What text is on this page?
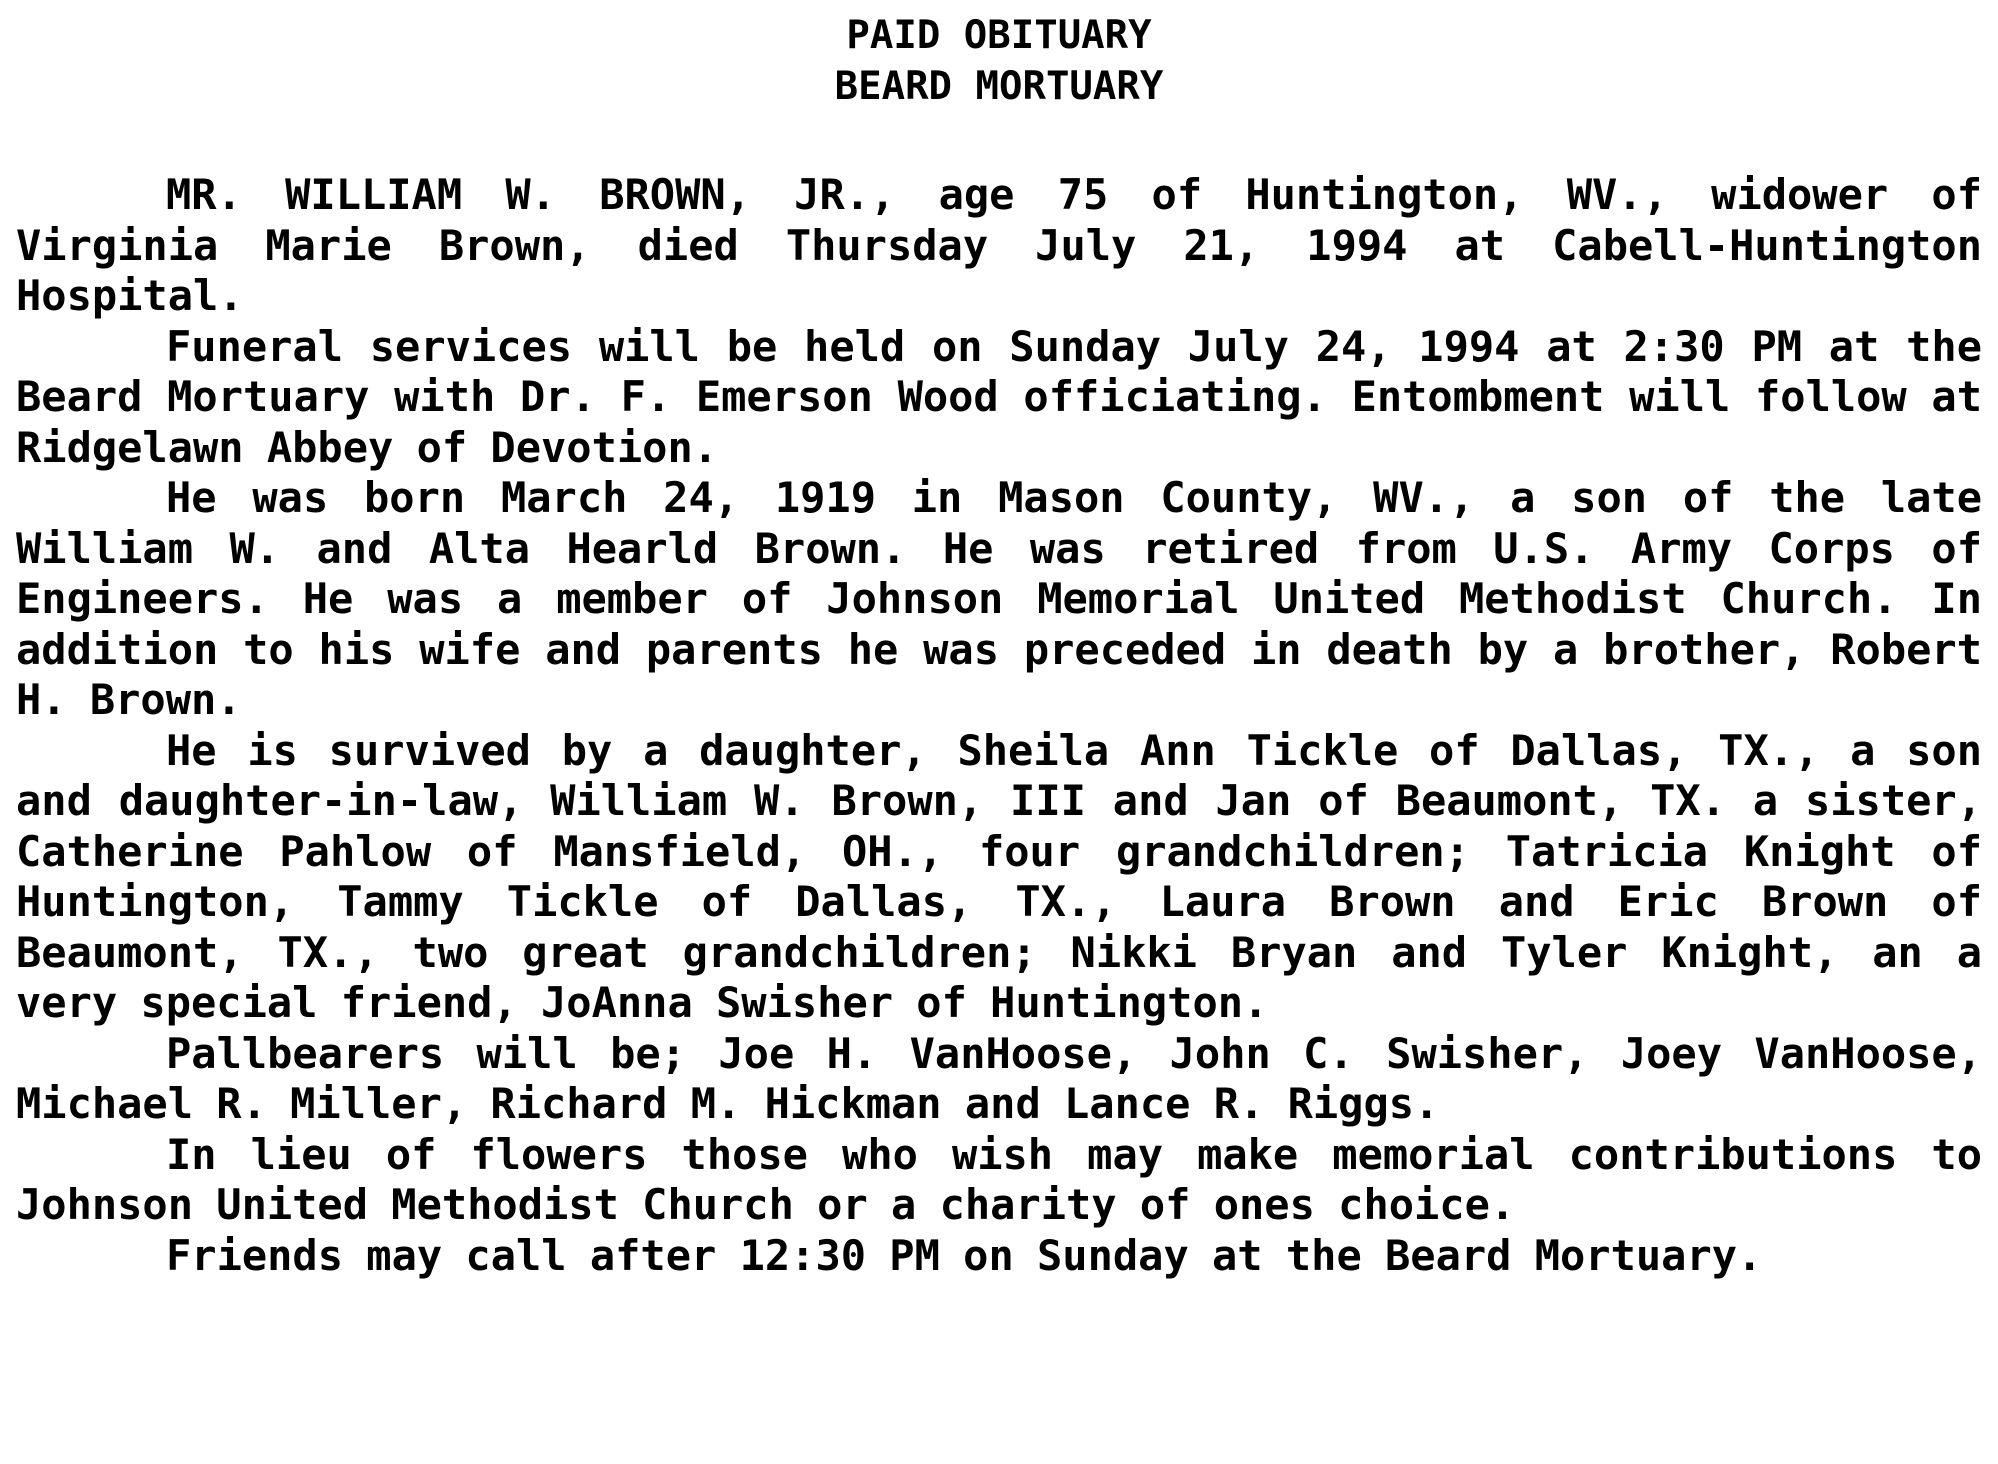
PAID OBITUARY
BEARD MORTUARY

MR. WILLIAM W. BROWN, JR., age 75 of Huntington, WV., widower of Virginia Marie Brown, died Thursday July 21, 1994 at Cabell-Huntington Hospital.

Funeral services will be held on Sunday July 24, 1994 at 2:30 PM at the Beard Mortuary with Dr. F. Emerson Wood officiating. Entombment will follow at Ridgelawn Abbey of Devotion.

He was born March 24, 1919 in Mason County, WV., a son of the late William W. and Alta Hearld Brown. He was retired from U.S. Army Corps of Engineers. He was a member of Johnson Memorial United Methodist Church. In addition to his wife and parents he was preceded in death by a brother, Robert H. Brown.

He is survived by a daughter, Sheila Ann Tickle of Dallas, TX., a son and daughter-in-law, William W. Brown, III and Jan of Beaumont, TX. a sister, Catherine Pahlow of Mansfield, OH., four grandchildren; Tatricia Knight of Huntington, Tammy Tickle of Dallas, TX., Laura Brown and Eric Brown of Beaumont, TX., two great grandchildren; Nikki Bryan and Tyler Knight, an a very special friend, JoAnna Swisher of Huntington.

Pallbearers will be; Joe H. VanHoose, John C. Swisher, Joey VanHoose, Michael R. Miller, Richard M. Hickman and Lance R. Riggs.

In lieu of flowers those who wish may make memorial contributions to Johnson United Methodist Church or a charity of ones choice.

Friends may call after 12:30 PM on Sunday at the Beard Mortuary.
